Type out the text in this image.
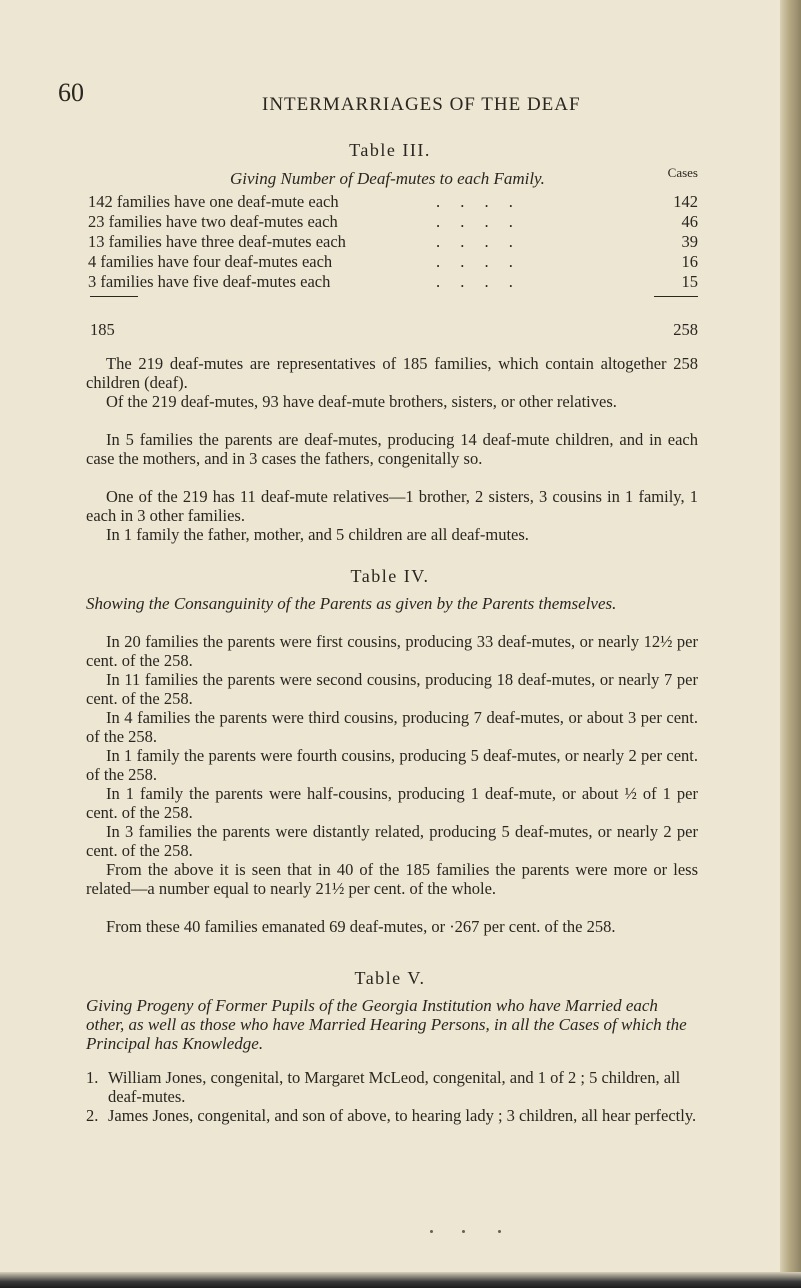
60	INTERMARRIAGES OF THE DEAF
Table III.
Giving Number of Deaf-mutes to each Family.	Cases
142 families have one deaf-mute each	. . . .	142
23 families have two deaf-mutes each	. . . .	46
13 families have three deaf-mutes each	. . . .	39
4 families have four deaf-mutes each	. . . .	16
3 families have five deaf-mutes each	. . . .	15
185	258
The 219 deaf-mutes are representatives of 185 families, which contain altogether 258 children (deaf).
Of the 219 deaf-mutes, 93 have deaf-mute brothers, sisters, or other relatives.
In 5 families the parents are deaf-mutes, producing 14 deaf-mute children, and in each case the mothers, and in 3 cases the fathers, congenitally so.
One of the 219 has 11 deaf-mute relatives—1 brother, 2 sisters, 3 cousins in 1 family, 1 each in 3 other families.
In 1 family the father, mother, and 5 children are all deaf-mutes.
Table IV.
Showing the Consanguinity of the Parents as given by the Parents themselves.
In 20 families the parents were first cousins, producing 33 deaf-mutes, or nearly 12½ per cent. of the 258.
In 11 families the parents were second cousins, producing 18 deaf-mutes, or nearly 7 per cent. of the 258.
In 4 families the parents were third cousins, producing 7 deaf-mutes, or about 3 per cent. of the 258.
In 1 family the parents were fourth cousins, producing 5 deaf-mutes, or nearly 2 per cent. of the 258.
In 1 family the parents were half-cousins, producing 1 deaf-mute, or about ½ of 1 per cent. of the 258.
In 3 families the parents were distantly related, producing 5 deaf-mutes, or nearly 2 per cent. of the 258.
From the above it is seen that in 40 of the 185 families the parents were more or less related—a number equal to nearly 21½ per cent. of the whole.
From these 40 families emanated 69 deaf-mutes, or ·267 per cent. of the 258.
Table V.
Giving Progeny of Former Pupils of the Georgia Institution who have Married each other, as well as those who have Married Hearing Persons, in all the Cases of which the Principal has Knowledge.
1. William Jones, congenital, to Margaret McLeod, congenital, and 1 of 2 ; 5 children, all deaf-mutes.
2. James Jones, congenital, and son of above, to hearing lady ; 3 children, all hear perfectly.
